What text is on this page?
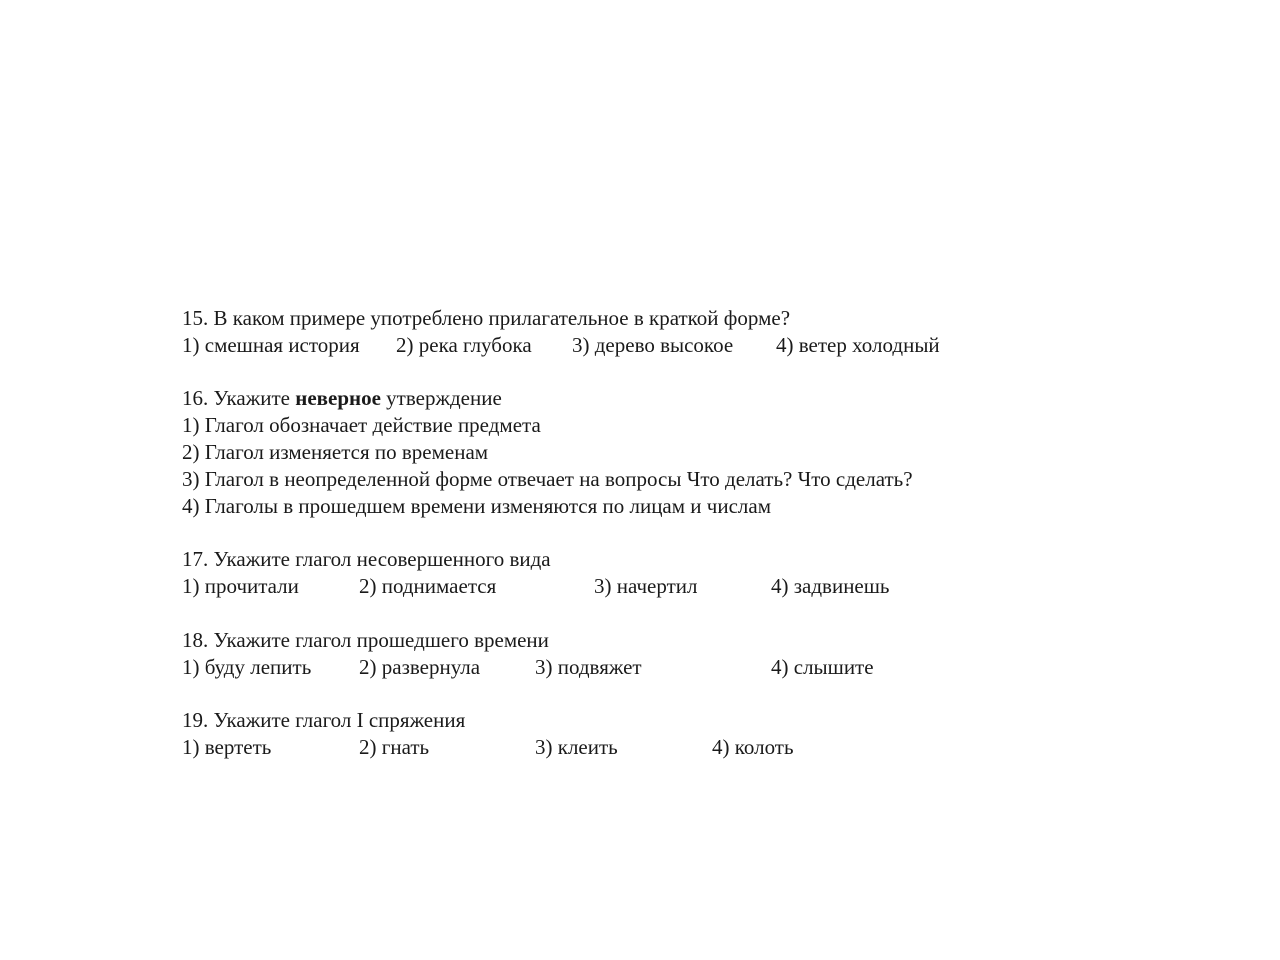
15. В каком примере употреблено прилагательное в краткой форме?

1) смешная история

2) река глубока

3) дерево высокое

4) ветер холодный

16. Укажите неверное утверждение
1) Глагол обозначает действие предмета
2) Глагол изменяется по временам
3) Глагол в неопределенной форме отвечает на вопросы Что делать? Что сделать?
4) Глаголы в прошедшем времени изменяются по лицам и числам
17. Укажите глагол несовершенного вида

1) прочитали

	2) поднимается

	3) начертил

	4) задвинешь

18. Укажите глагол прошедшего времени

1) буду лепить

2) развернула

	3) подвяжет

	4) слышите

19. Укажите глагол I спряжения

1) вертеть

	2) гнать

	3) клеить

	4) колоть
